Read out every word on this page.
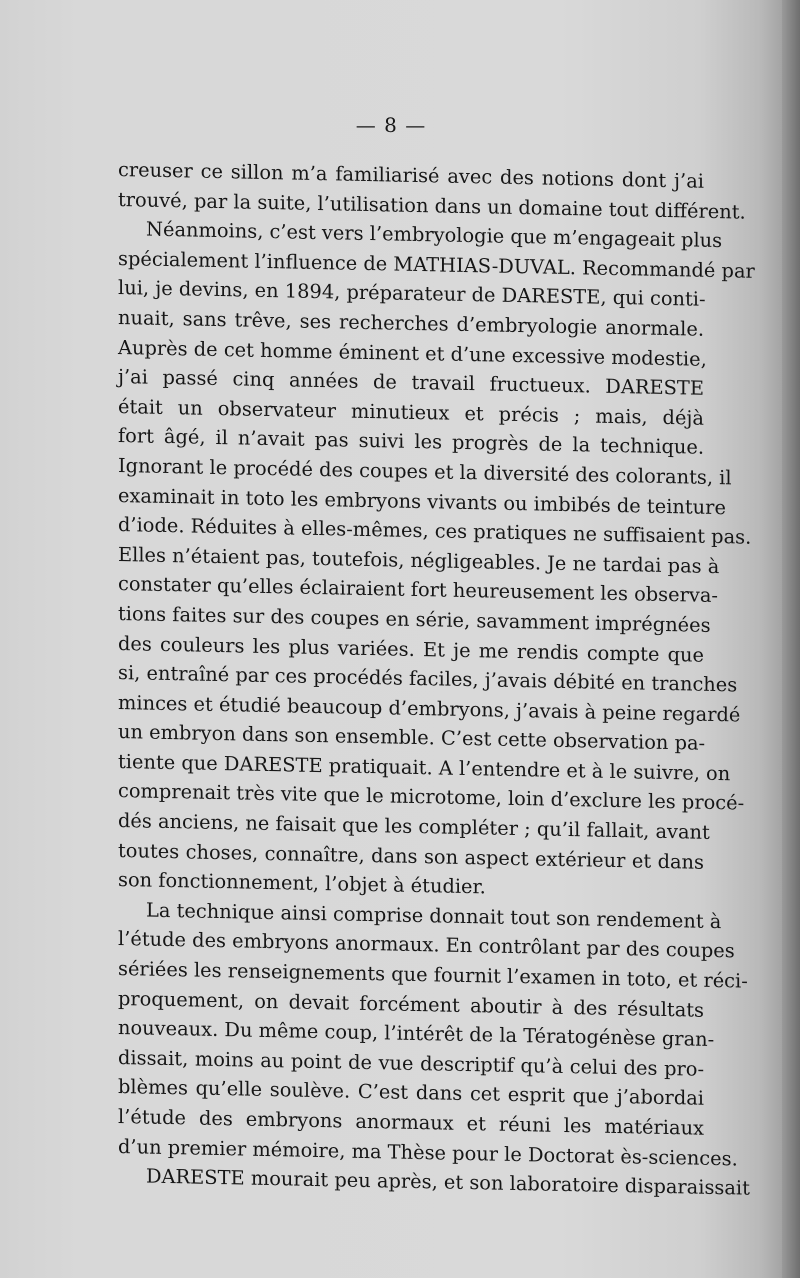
— 8 —
creuser ce sillon m’a familiarisé avec des notions dont j’ai
trouvé, par la suite, l’utilisation dans un domaine tout différent.
Néanmoins, c’est vers l’embryologie que m’engageait plus
spécialement l’influence de MATHIAS-DUVAL. Recommandé par
lui, je devins, en 1894, préparateur de DARESTE, qui conti-
nuait, sans trêve, ses recherches d’embryologie anormale.
Auprès de cet homme éminent et d’une excessive modestie,
j’ai passé cinq années de travail fructueux. DARESTE
était un observateur minutieux et précis ; mais, déjà
fort âgé, il n’avait pas suivi les progrès de la technique.
Ignorant le procédé des coupes et la diversité des colorants, il
examinait in toto les embryons vivants ou imbibés de teinture
d’iode. Réduites à elles-mêmes, ces pratiques ne suffisaient pas.
Elles n’étaient pas, toutefois, négligeables. Je ne tardai pas à
constater qu’elles éclairaient fort heureusement les observa-
tions faites sur des coupes en série, savamment imprégnées
des couleurs les plus variées. Et je me rendis compte que
si, entraîné par ces procédés faciles, j’avais débité en tranches
minces et étudié beaucoup d’embryons, j’avais à peine regardé
un embryon dans son ensemble. C’est cette observation pa-
tiente que DARESTE pratiquait. A l’entendre et à le suivre, on
comprenait très vite que le microtome, loin d’exclure les procé-
dés anciens, ne faisait que les compléter ; qu’il fallait, avant
toutes choses, connaître, dans son aspect extérieur et dans
son fonctionnement, l’objet à étudier.
La technique ainsi comprise donnait tout son rendement à
l’étude des embryons anormaux. En contrôlant par des coupes
sériées les renseignements que fournit l’examen in toto, et réci-
proquement, on devait forcément aboutir à des résultats
nouveaux. Du même coup, l’intérêt de la Tératogénèse gran-
dissait, moins au point de vue descriptif qu’à celui des pro-
blèmes qu’elle soulève. C’est dans cet esprit que j’abordai
l’étude des embryons anormaux et réuni les matériaux
d’un premier mémoire, ma Thèse pour le Doctorat ès-sciences.
DARESTE mourait peu après, et son laboratoire disparaissait
